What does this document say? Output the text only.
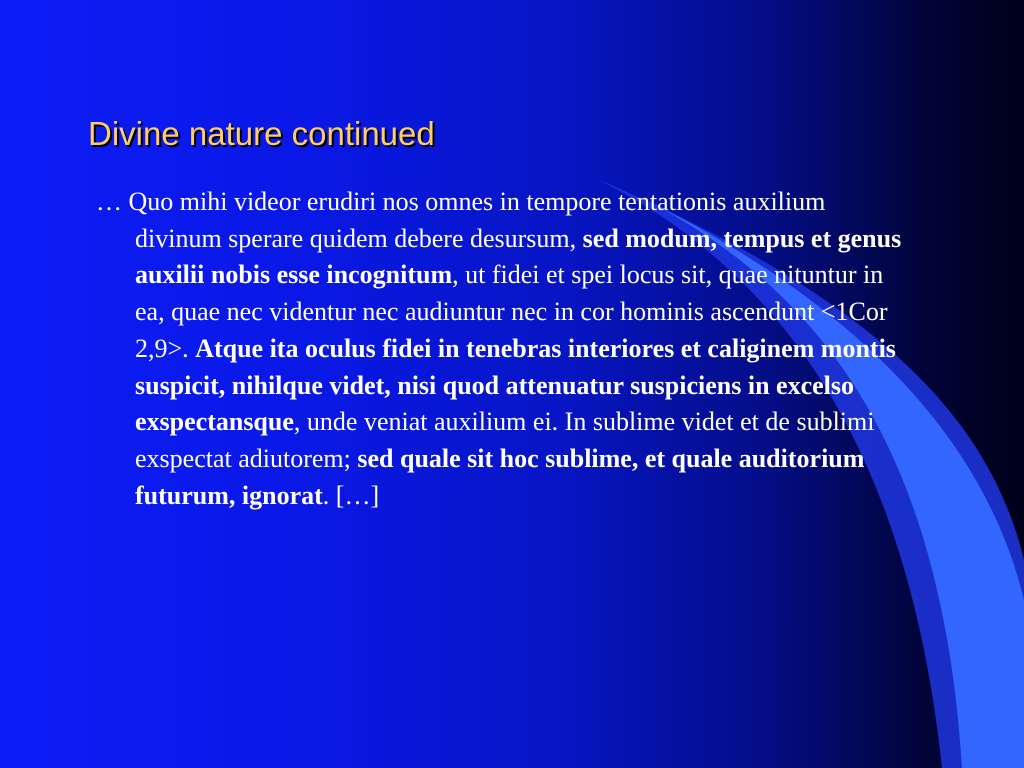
Divine nature continued
… Quo mihi videor erudiri nos omnes in tempore tentationis auxilium divinum sperare quidem debere desursum, sed modum, tempus et genus auxilii nobis esse incognitum, ut fidei et spei locus sit, quae nituntur in ea, quae nec videntur nec audiuntur nec in cor hominis ascendunt <1Cor 2,9>. Atque ita oculus fidei in tenebras interiores et caliginem montis suspicit, nihilque videt, nisi quod attenuatur suspiciens in excelso exspectansque, unde veniat auxilium ei. In sublime videt et de sublimi exspectat adiutorem; sed quale sit hoc sublime, et quale auditorium futurum, ignorat. […]
